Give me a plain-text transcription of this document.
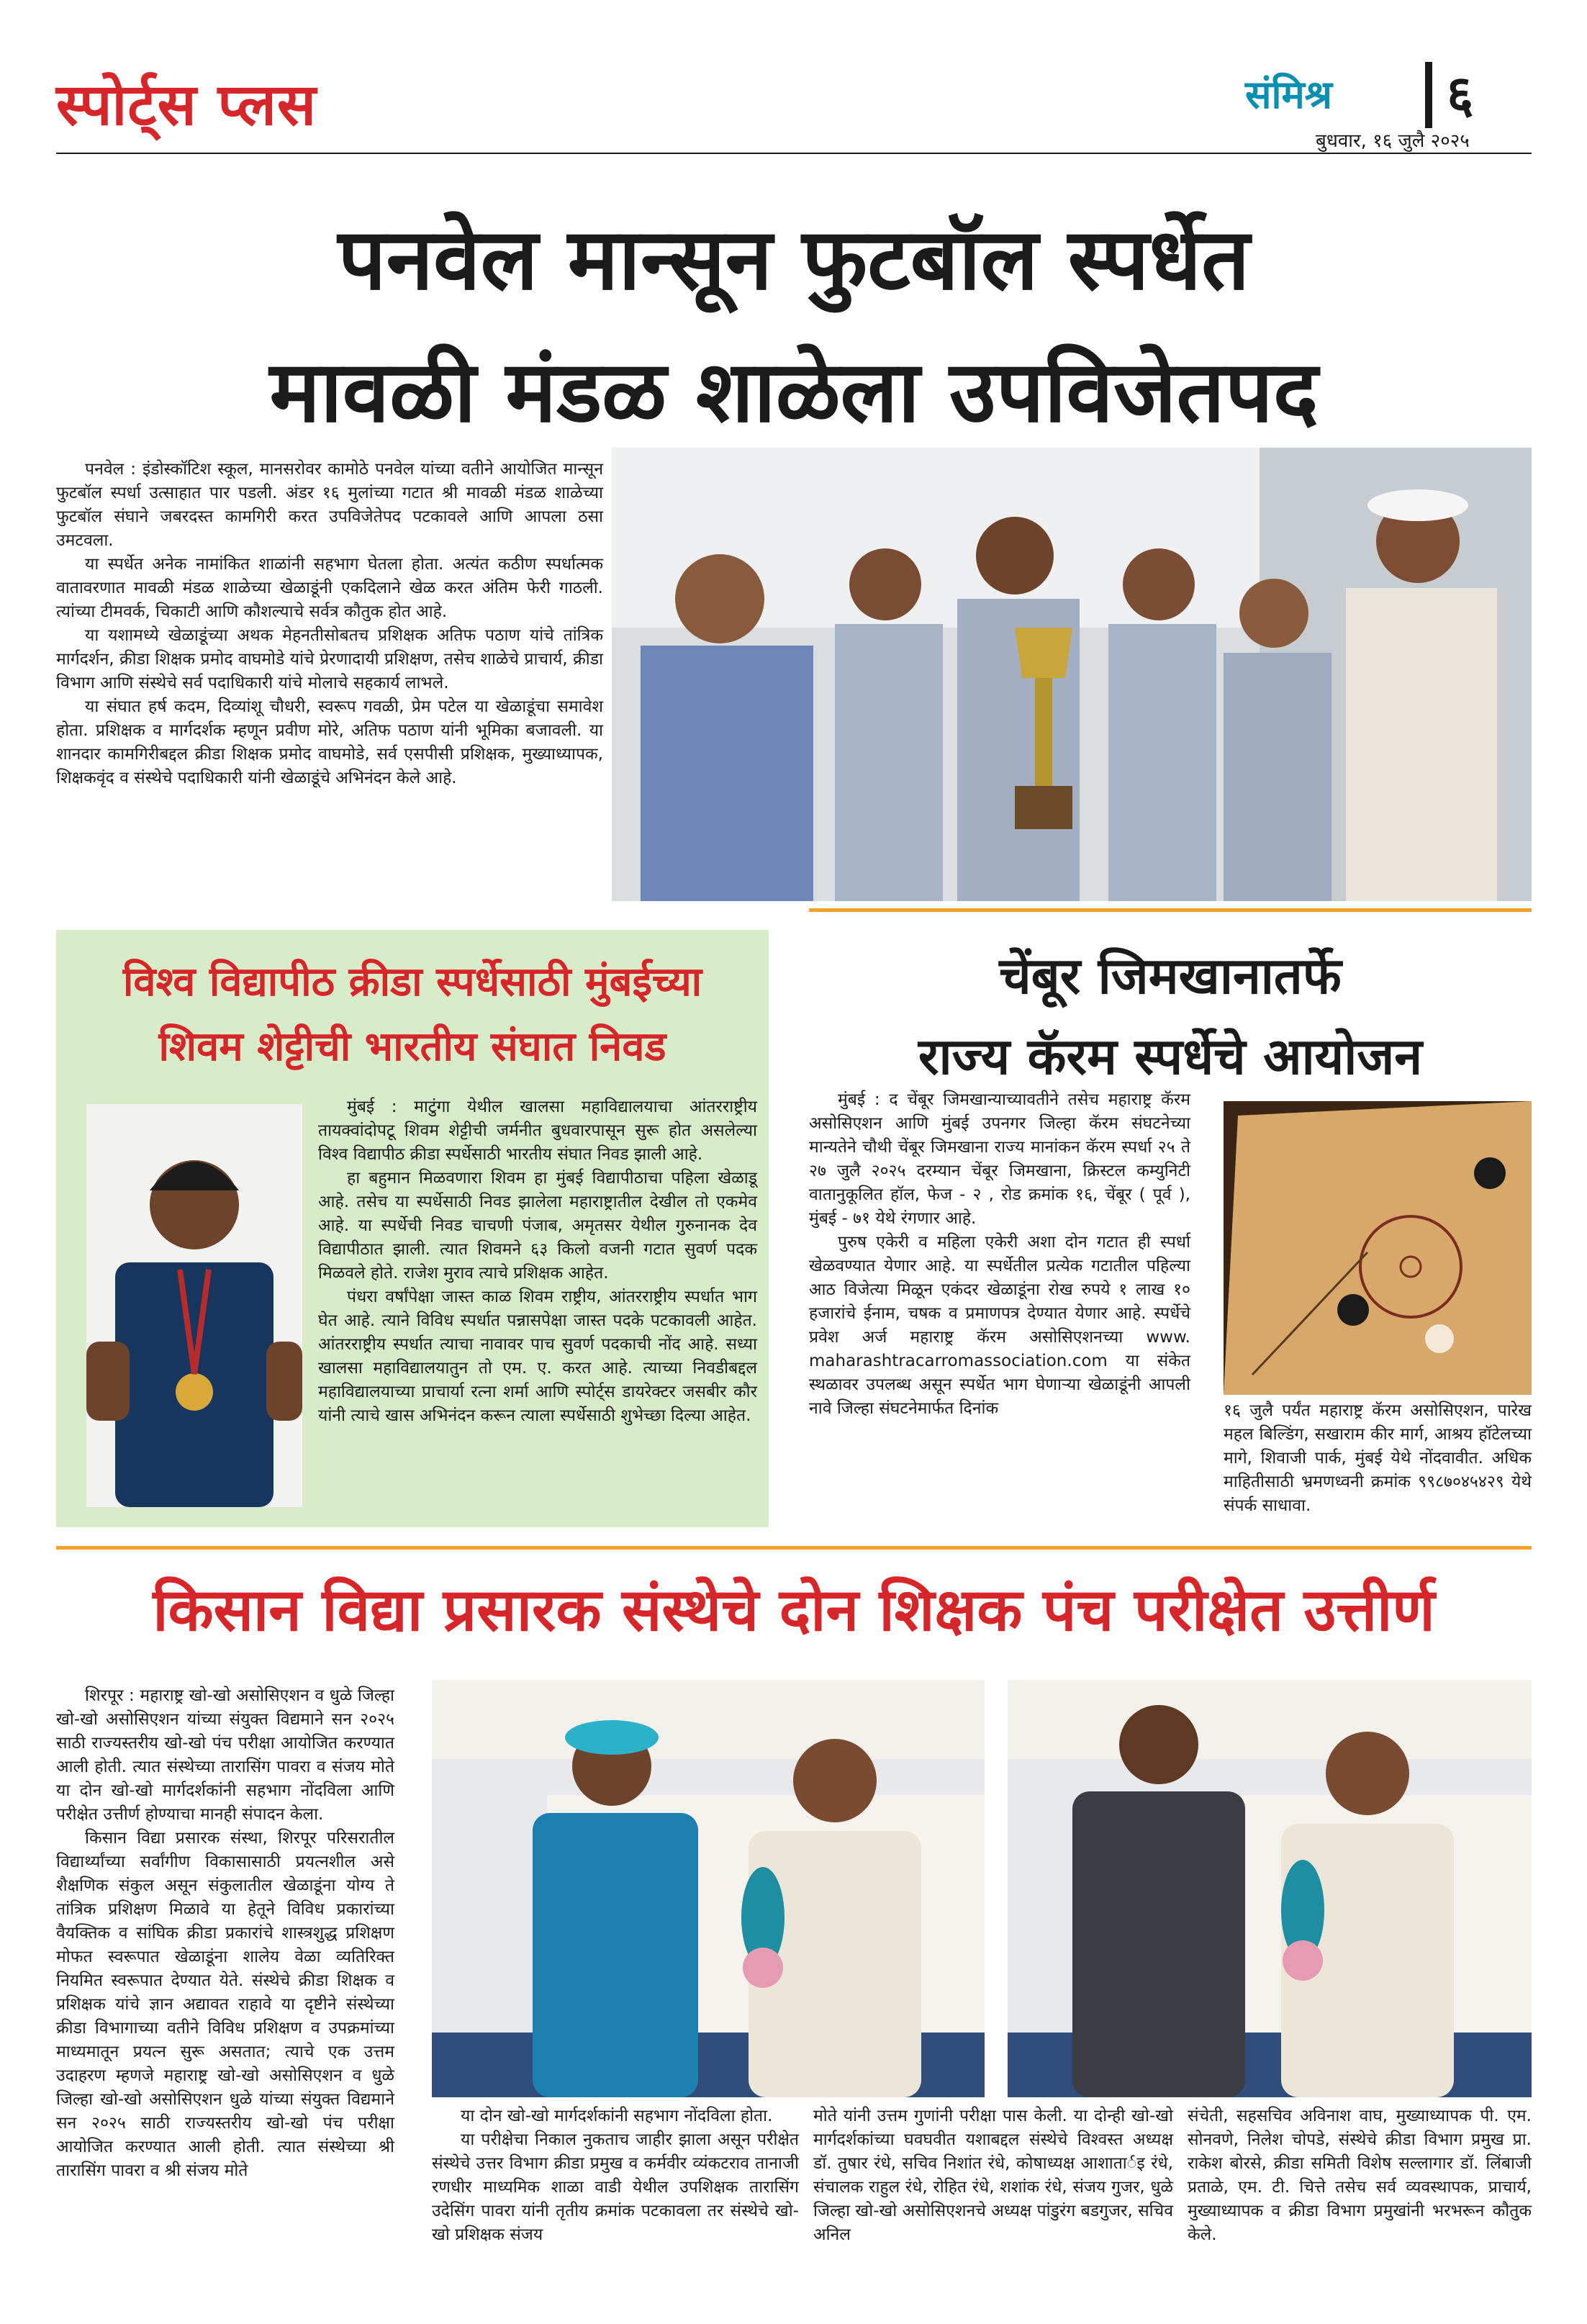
स्पोर्ट्स प्लस	संमिश्र ६
बुधवार, १६ जुलै २०२५
पनवेल मान्सून फुटबॉल स्पर्धेत
मावळी मंडळ शाळेला उपविजेतपद

पनवेल : इंडोस्कॉटिश स्कूल, मानसरोवर कामोठे पनवेल यांच्या वतीने आयोजित मान्सून फुटबॉल स्पर्धा उत्साहात पार पडली. अंडर १६ मुलांच्या गटात श्री मावळी मंडळ शाळेच्या फुटबॉल संघाने जबरदस्त कामगिरी करत उपविजेतेपद पटकावले आणि आपला ठसा उमटवला.

या स्पर्धेत अनेक नामांकित शाळांनी सहभाग घेतला होता. अत्यंत कठीण स्पर्धात्मक वातावरणात मावळी मंडळ शाळेच्या खेळाडूंनी एकदिलाने खेळ करत अंतिम फेरी गाठली. त्यांच्या टीमवर्क, चिकाटी आणि कौशल्याचे सर्वत्र कौतुक होत आहे.

या यशामध्ये खेळाडूंच्या अथक मेहनतीसोबतच प्रशिक्षक अतिफ पठाण यांचे तांत्रिक मार्गदर्शन, क्रीडा शिक्षक प्रमोद वाघमोडे यांचे प्रेरणादायी प्रशिक्षण, तसेच शाळेचे प्राचार्य, क्रीडा विभाग आणि संस्थेचे सर्व पदाधिकारी यांचे मोलाचे सहकार्य लाभले.

या संघात हर्ष कदम, दिव्यांशू चौधरी, स्वरूप गवळी, प्रेम पटेल या खेळाडूंचा समावेश होता. प्रशिक्षक व मार्गदर्शक म्हणून प्रवीण मोरे, अतिफ पठाण यांनी भूमिका बजावली. या शानदार कामगिरीबद्दल क्रीडा शिक्षक प्रमोद वाघमोडे, सर्व एसपीसी प्रशिक्षक, मुख्याध्यापक, शिक्षकवृंद व संस्थेचे पदाधिकारी यांनी खेळाडूंचे अभिनंदन केले आहे.

विश्व विद्यापीठ क्रीडा स्पर्धेसाठी मुंबईच्या
शिवम शेट्टीची भारतीय संघात निवड

मुंबई : माटुंगा येथील खालसा महाविद्यालयाचा आंतरराष्ट्रीय तायक्वांदोपटू शिवम शेट्टीची जर्मनीत बुधवारपासून सुरू होत असलेल्या विश्व विद्यापीठ क्रीडा स्पर्धेसाठी भारतीय संघात निवड झाली आहे.

हा बहुमान मिळवणारा शिवम हा मुंबई विद्यापीठाचा पहिला खेळाडू आहे. तसेच या स्पर्धेसाठी निवड झालेला महाराष्ट्रातील देखील तो एकमेव आहे. या स्पर्धेची निवड चाचणी पंजाब, अमृतसर येथील गुरुनानक देव विद्यापीठात झाली. त्यात शिवमने ६३ किलो वजनी गटात सुवर्ण पदक मिळवले होते. राजेश मुराव त्याचे प्रशिक्षक आहेत.

पंधरा वर्षांपेक्षा जास्त काळ शिवम राष्ट्रीय, आंतरराष्ट्रीय स्पर्धात भाग घेत आहे. त्याने विविध स्पर्धात पन्नासपेक्षा जास्त पदके पटकावली आहेत. आंतरराष्ट्रीय स्पर्धात त्याचा नावावर पाच सुवर्ण पदकाची नोंद आहे. सध्या खालसा महाविद्यालयातुन तो एम. ए. करत आहे. त्याच्या निवडीबद्दल महाविद्यालयाच्या प्राचार्या रत्ना शर्मा आणि स्पोर्ट्स डायरेक्टर जसबीर कौर यांनी त्याचे खास अभिनंदन करून त्याला स्पर्धेसाठी शुभेच्छा दिल्या आहेत.

चेंबूर जिमखानातर्फे
राज्य कॅरम स्पर्धेचे आयोजन

मुंबई : द चेंबूर जिमखान्याच्यावतीने तसेच महाराष्ट्र कॅरम असोसिएशन आणि मुंबई उपनगर जिल्हा कॅरम संघटनेच्या मान्यतेने चौथी चेंबूर जिमखाना राज्य मानांकन कॅरम स्पर्धा २५ ते २७ जुलै २०२५ दरम्यान चेंबूर जिमखाना, क्रिस्टल कम्युनिटी वातानुकूलित हॉल, फेज - २ , रोड क्रमांक १६, चेंबूर ( पूर्व ), मुंबई - ७१ येथे रंगणार आहे.

पुरुष एकेरी व महिला एकेरी अशा दोन गटात ही स्पर्धा खेळवण्यात येणार आहे. या स्पर्धेतील प्रत्येक गटातील पहिल्या आठ विजेत्या मिळून एकंदर खेळाडूंना रोख रुपये १ लाख १० हजारांचे ईनाम, चषक व प्रमाणपत्र देण्यात येणार आहे. स्पर्धेचे प्रवेश अर्ज महाराष्ट्र कॅरम असोसिएशनच्या www. maharashtracarromassociation.com या संकेत स्थळावर उपलब्ध असून स्पर्धेत भाग घेणाऱ्या खेळाडूंनी आपली नावे जिल्हा संघटनेमार्फत दिनांक	१६ जुलै पर्यंत महाराष्ट्र कॅरम असोसिएशन, पारेख महल बिल्डिंग, सखाराम कीर मार्ग, आश्रय हॉटेलच्या मागे, शिवाजी पार्क, मुंबई येथे नोंदवावीत. अधिक माहितीसाठी भ्रमणध्वनी क्रमांक ९९८७०४५४२९ येथे संपर्क साधावा.
किसान विद्या प्रसारक संस्थेचे दोन शिक्षक पंच परीक्षेत उत्तीर्ण

शिरपूर : महाराष्ट्र खो-खो असोसिएशन व धुळे जिल्हा खो-खो असोसिएशन यांच्या संयुक्त विद्यमाने सन २०२५ साठी राज्यस्तरीय खो-खो पंच परीक्षा आयोजित करण्यात आली होती. त्यात संस्थेच्या तारासिंग पावरा व संजय मोते या दोन खो-खो मार्गदर्शकांनी सहभाग नोंदविला आणि परीक्षेत उत्तीर्ण होण्याचा मानही संपादन केला.

किसान विद्या प्रसारक संस्था, शिरपूर परिसरातील विद्यार्थ्यांच्या सर्वांगीण विकासासाठी प्रयत्नशील असे शैक्षणिक संकुल असून संकुलातील खेळाडूंना योग्य ते तांत्रिक प्रशिक्षण मिळावे या हेतूने विविध प्रकारांच्या वैयक्तिक व सांघिक क्रीडा प्रकारांचे शास्त्रशुद्ध प्रशिक्षण मोफत स्वरूपात खेळाडूंना शालेय वेळा व्यतिरिक्त नियमित स्वरूपात देण्यात येते. संस्थेचे क्रीडा शिक्षक व प्रशिक्षक यांचे ज्ञान अद्यावत राहावे या दृष्टीने संस्थेच्या क्रीडा विभागाच्या वतीने विविध प्रशिक्षण व उपक्रमांच्या माध्यमातून प्रयत्न सुरू असतात; त्याचे एक उत्तम उदाहरण म्हणजे महाराष्ट्र खो-खो असोसिएशन व धुळे जिल्हा खो-खो असोसिएशन धुळे यांच्या संयुक्त विद्यमाने सन २०२५ साठी राज्यस्तरीय खो-खो पंच परीक्षा आयोजित करण्यात आली होती. त्यात संस्थेच्या श्री तारासिंग पावरा व श्री संजय मोते

या दोन खो-खो मार्गदर्शकांनी सहभाग नोंदविला होता.

या परीक्षेचा निकाल नुकताच जाहीर झाला असून परीक्षेत संस्थेचे उत्तर विभाग क्रीडा प्रमुख व कर्मवीर व्यंकटराव तानाजी रणधीर माध्यमिक शाळा वाडी येथील उपशिक्षक तारासिंग उदेसिंग पावरा यांनी तृतीय क्रमांक पटकावला तर संस्थेचे खो-खो प्रशिक्षक संजय

मोते यांनी उत्तम गुणांनी परीक्षा पास केली. या दोन्ही खो-खो मार्गदर्शकांच्या घवघवीत यशाबद्दल संस्थेचे विश्वस्त अध्यक्ष डॉ. तुषार रंधे, सचिव निशांत रंधे, कोषाध्यक्ष आशातार्इ रंधे, संचालक राहुल रंधे, रोहित रंधे, शशांक रंधे, संजय गुजर, धुळे जिल्हा खो-खो असोसिएशनचे अध्यक्ष पांडुरंग बडगुजर, सचिव अनिल

संचेती, सहसचिव अविनाश वाघ, मुख्याध्यापक पी. एम. सोनवणे, निलेश चोपडे, संस्थेचे क्रीडा विभाग प्रमुख प्रा. राकेश बोरसे, क्रीडा समिती विशेष सल्लागार डॉ. लिंबाजी प्रताळे, एम. टी. चित्ते तसेच सर्व व्यवस्थापक, प्राचार्य, मुख्याध्यापक व क्रीडा विभाग प्रमुखांनी भरभरून कौतुक केले.
